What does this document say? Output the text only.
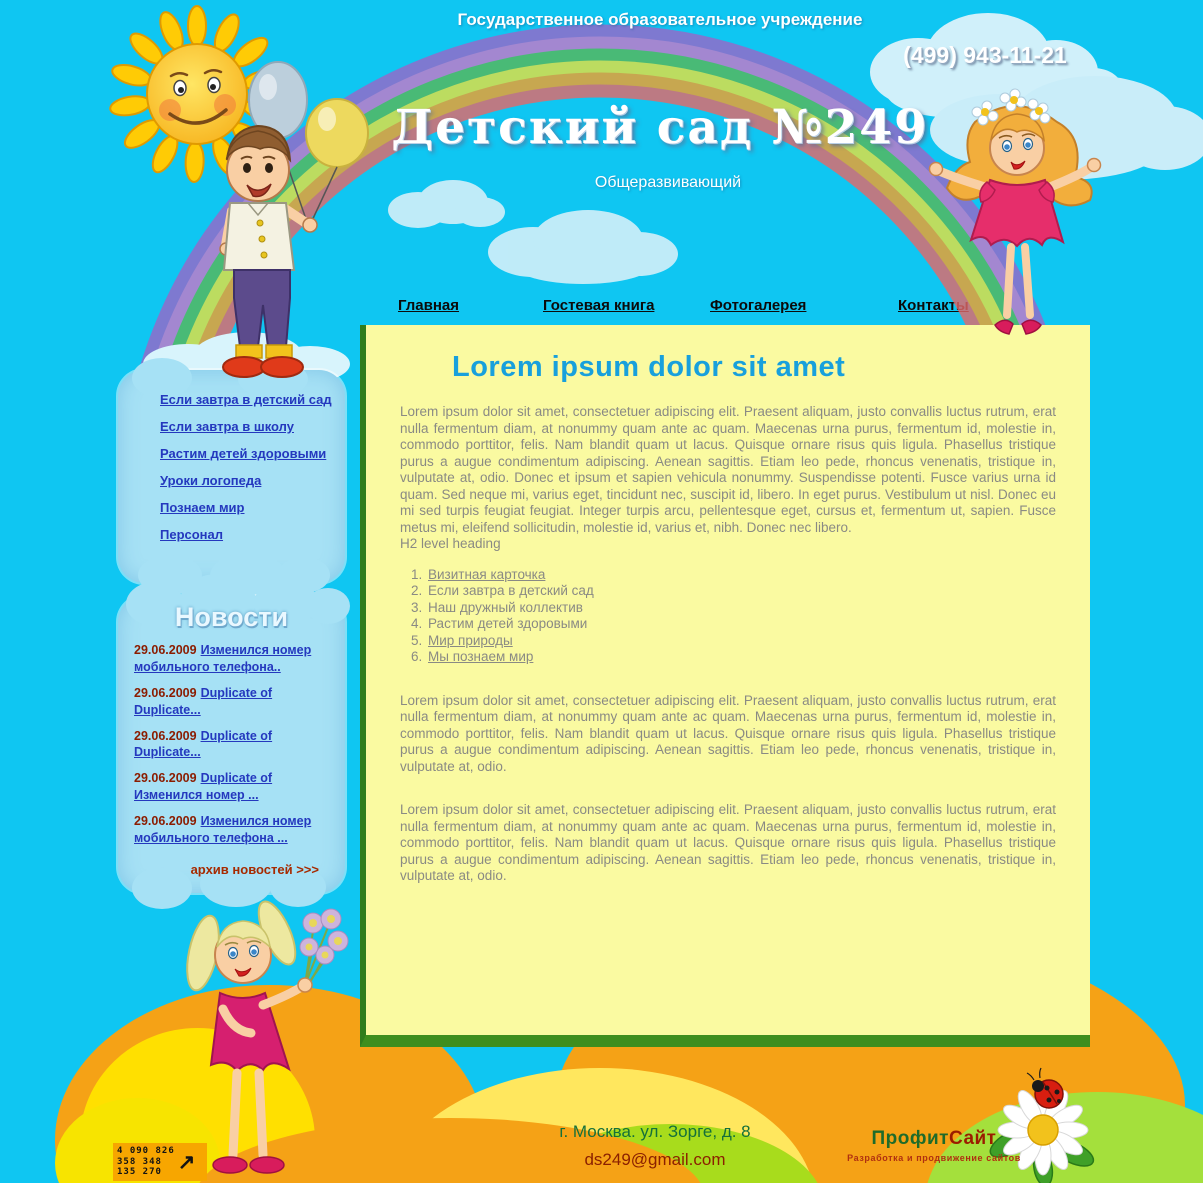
Государственное образовательное учреждение
(499) 943-11-21
Детский сад №249
Общеразвивающий
Главная	Гостевая книга	Фотогалерея	Контакты
Если завтра в детский сад
Если завтра в школу
Растим детей здоровыми
Уроки логопеда
Познаем мир
Персонал
Новости
29.06.2009 Изменился номер мобильного телефона..
29.06.2009 Duplicate of Duplicate...
29.06.2009 Duplicate of Duplicate...
29.06.2009 Duplicate of Изменился номер ...
29.06.2009 Изменился номер мобильного телефона ...
архив новостей >>>
Lorem ipsum dolor sit amet

Lorem ipsum dolor sit amet, consectetuer adipiscing elit. Praesent aliquam, justo convallis luctus rutrum, erat nulla fermentum diam, at nonummy quam ante ac quam. Maecenas urna purus, fermentum id, molestie in, commodo porttitor, felis. Nam blandit quam ut lacus. Quisque ornare risus quis ligula. Phasellus tristique purus a augue condimentum adipiscing. Aenean sagittis. Etiam leo pede, rhoncus venenatis, tristique in, vulputate at, odio. Donec et ipsum et sapien vehicula nonummy. Suspendisse potenti. Fusce varius urna id quam. Sed neque mi, varius eget, tincidunt nec, suscipit id, libero. In eget purus. Vestibulum ut nisl. Donec eu mi sed turpis feugiat feugiat. Integer turpis arcu, pellentesque eget, cursus et, fermentum ut, sapien. Fusce metus mi, eleifend sollicitudin, molestie id, varius et, nibh. Donec nec libero.

H2 level heading
1. Визитная карточка
2. Если завтра в детский сад
3. Наш дружный коллектив
4. Растим детей здоровыми
5. Мир природы
6. Мы познаем мир

Lorem ipsum dolor sit amet, consectetuer adipiscing elit. Praesent aliquam, justo convallis luctus rutrum, erat nulla fermentum diam, at nonummy quam ante ac quam. Maecenas urna purus, fermentum id, molestie in, commodo porttitor, felis. Nam blandit quam ut lacus. Quisque ornare risus quis ligula. Phasellus tristique purus a augue condimentum adipiscing. Aenean sagittis. Etiam leo pede, rhoncus venenatis, tristique in, vulputate at, odio.

Lorem ipsum dolor sit amet, consectetuer adipiscing elit. Praesent aliquam, justo convallis luctus rutrum, erat nulla fermentum diam, at nonummy quam ante ac quam. Maecenas urna purus, fermentum id, molestie in, commodo porttitor, felis. Nam blandit quam ut lacus. Quisque ornare risus quis ligula. Phasellus tristique purus a augue condimentum adipiscing. Aenean sagittis. Etiam leo pede, rhoncus venenatis, tristique in, vulputate at, odio.

г. Москва. ул. Зорге, д. 8
ds249@gmail.com
ПрофитСайт
Разработка и продвижение сайтов
4 090 826
358 348
135 270 ↗
